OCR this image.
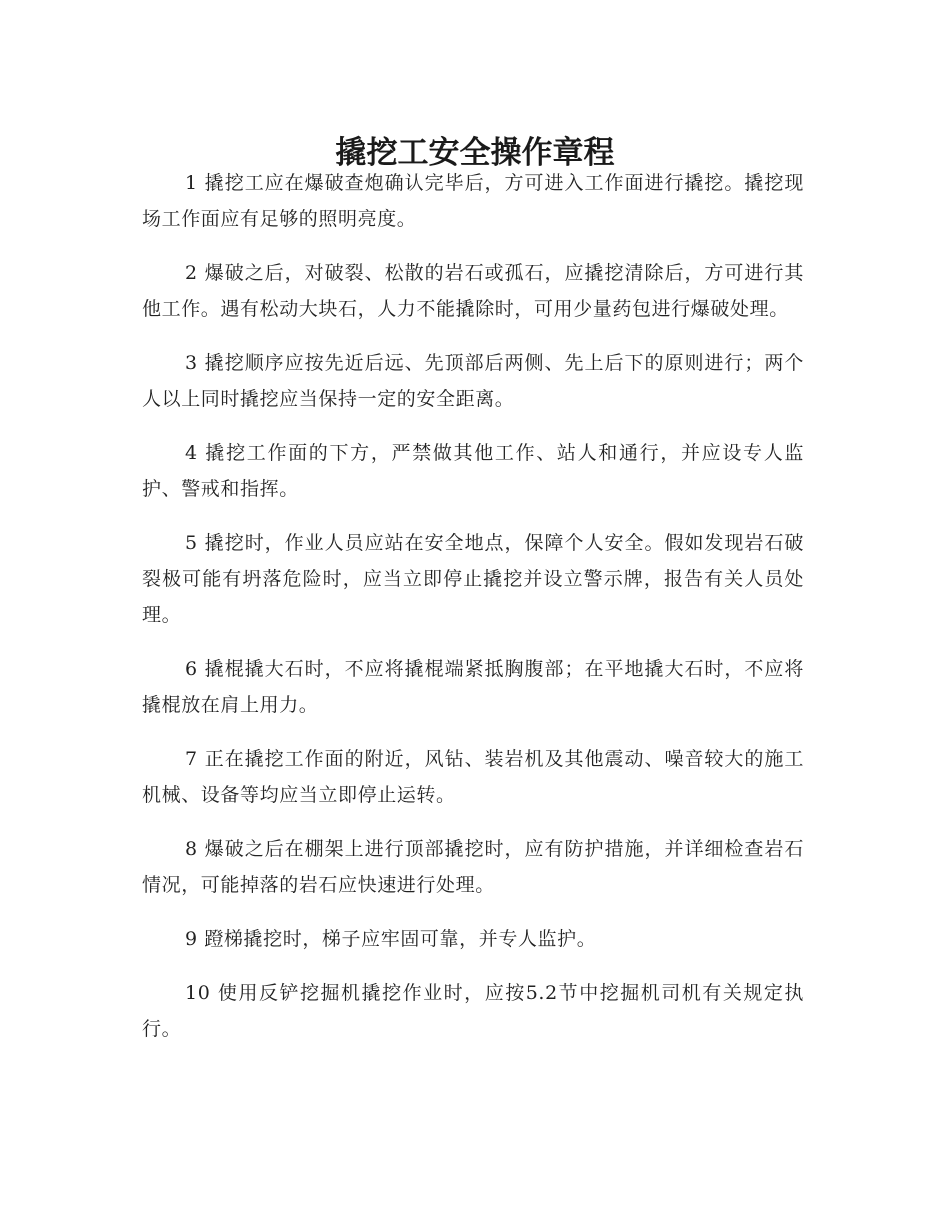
撬挖工安全操作章程

1 撬挖工应在爆破查炮确认完毕后，方可进入工作面进行撬挖。撬挖现场工作面应有足够的照明亮度。

2 爆破之后，对破裂、松散的岩石或孤石，应撬挖清除后，方可进行其他工作。遇有松动大块石，人力不能撬除时，可用少量药包进行爆破处理。

3 撬挖顺序应按先近后远、先顶部后两侧、先上后下的原则进行；两个人以上同时撬挖应当保持一定的安全距离。

4 撬挖工作面的下方，严禁做其他工作、站人和通行，并应设专人监护、警戒和指挥。

5 撬挖时，作业人员应站在安全地点，保障个人安全。假如发现岩石破裂极可能有坍落危险时，应当立即停止撬挖并设立警示牌，报告有关人员处理。

6 撬棍撬大石时，不应将撬棍端紧抵胸腹部；在平地撬大石时，不应将撬棍放在肩上用力。

7 正在撬挖工作面的附近，风钻、装岩机及其他震动、噪音较大的施工机械、设备等均应当立即停止运转。

8 爆破之后在棚架上进行顶部撬挖时，应有防护措施，并详细检查岩石情况，可能掉落的岩石应快速进行处理。

9 蹬梯撬挖时，梯子应牢固可靠，并专人监护。

10 使用反铲挖掘机撬挖作业时，应按5.2节中挖掘机司机有关规定执行。
